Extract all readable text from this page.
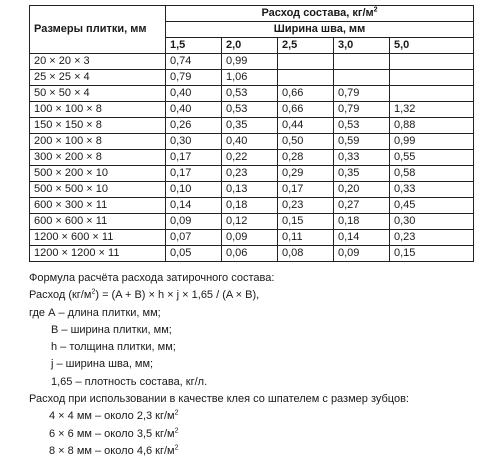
Размеры плитки, мм	Расход состава, $кг/м^2$
	Ширина шва, мм				
	1,5	2,0	2,5	3,0	5,0
20 × 20 × 3	0,74	0,99			
25 × 25 × 4	0,79	1,06			
50 × 50 × 4	0,40	0,53	0,66	0,79	
100 × 100 × 8	0,40	0,53	0,66	0,79	1,32
150 × 150 × 8	0,26	0,35	0,44	0,53	0,88
200 × 100 × 8	0,30	0,40	0,50	0,59	0,99
300 × 200 × 8	0,17	0,22	0,28	0,33	0,55
500 × 200 × 10	0,17	0,23	0,29	0,35	0,58
500 × 500 × 10	0,10	0,13	0,17	0,20	0,33
600 × 300 × 11	0,14	0,18	0,23	0,27	0,45
600 × 600 × 11	0,09	0,12	0,15	0,18	0,30
1200 × 600 × 11	0,07	0,09	0,11	0,14	0,23
1200 × 1200 × 11	0,05	0,06	0,08	0,09	0,15
Формула расчёта расхода затирочного состава:
Расход $(кг/м^2) = (A + B) \times h \times j \times 1,65 / (A \times B)$,
где А – длина плитки, мм;
В – ширина плитки, мм;
h – толщина плитки, мм;
j – ширина шва, мм;
1,65 – плотность состава, кг/л.
Расход при использовании в качестве клея со шпателем с размер зубцов:
4 × 4 мм – около 2,3 $кг/м^2$
6 × 6 мм – около 3,5 $кг/м^2$
8 × 8 мм – около 4,6 $кг/м^2$
